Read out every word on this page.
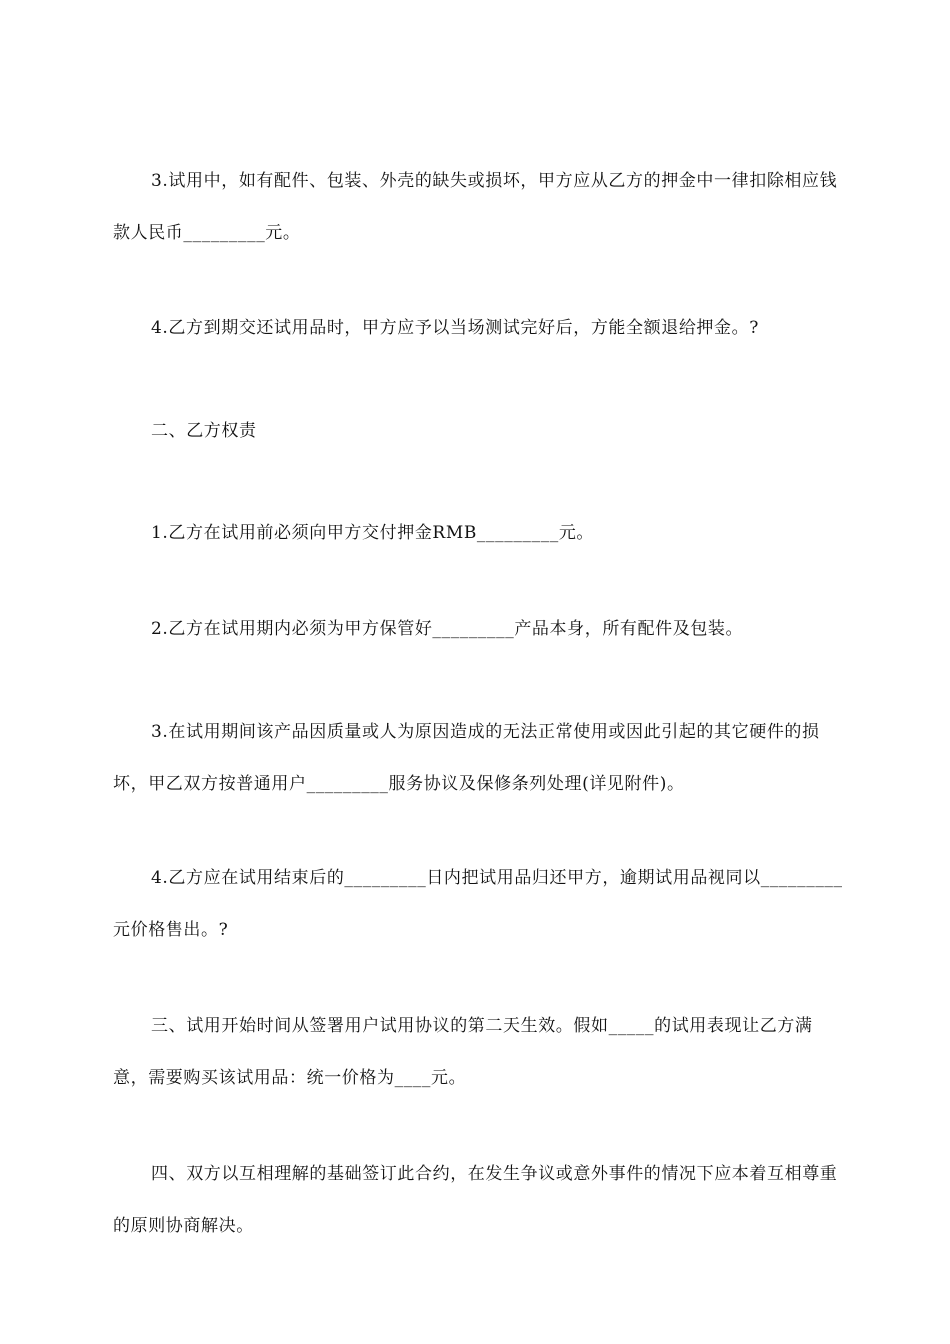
3.试用中，如有配件、包装、外壳的缺失或损坏，甲方应从乙方的押金中一律扣除相应钱款人民币_________元。

4.乙方到期交还试用品时，甲方应予以当场测试完好后，方能全额退给押金。?

二、乙方权责

1.乙方在试用前必须向甲方交付押金RMB_________元。

2.乙方在试用期内必须为甲方保管好_________产品本身，所有配件及包装。

3.在试用期间该产品因质量或人为原因造成的无法正常使用或因此引起的其它硬件的损坏，甲乙双方按普通用户_________服务协议及保修条列处理(详见附件)。

4.乙方应在试用结束后的_________日内把试用品归还甲方，逾期试用品视同以_________元价格售出。?

三、试用开始时间从签署用户试用协议的第二天生效。假如_____的试用表现让乙方满意，需要购买该试用品：统一价格为____元。

四、双方以互相理解的基础签订此合约，在发生争议或意外事件的情况下应本着互相尊重的原则协商解决。
